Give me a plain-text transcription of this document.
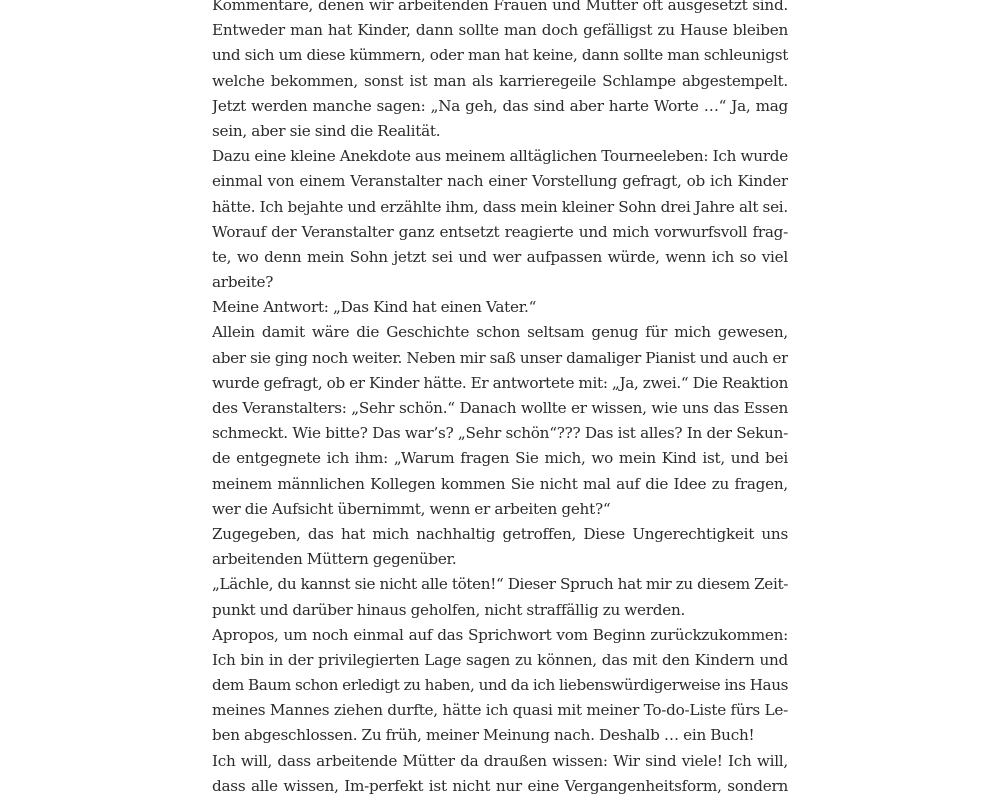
Kommentare, denen wir arbeitenden Frauen und Mütter oft ausgesetzt sind.
Entweder man hat Kinder, dann sollte man doch gefälligst zu Hause bleiben
und sich um diese kümmern, oder man hat keine, dann sollte man schleunigst
welche bekommen, sonst ist man als karrieregeile Schlampe abgestempelt.
Jetzt werden manche sagen: „Na geh, das sind aber harte Worte …“ Ja, mag
sein, aber sie sind die Realität.
Dazu eine kleine Anekdote aus meinem alltäglichen Tourneeleben: Ich wurde
einmal von einem Veranstalter nach einer Vorstellung gefragt, ob ich Kinder
hätte. Ich bejahte und erzählte ihm, dass mein kleiner Sohn drei Jahre alt sei.
Worauf der Veranstalter ganz entsetzt reagierte und mich vorwurfsvoll frag-
te, wo denn mein Sohn jetzt sei und wer aufpassen würde, wenn ich so viel
arbeite?
Meine Antwort: „Das Kind hat einen Vater.“
Allein damit wäre die Geschichte schon seltsam genug für mich gewesen,
aber sie ging noch weiter. Neben mir saß unser damaliger Pianist und auch er
wurde gefragt, ob er Kinder hätte. Er antwortete mit: „Ja, zwei.“ Die Reaktion
des Veranstalters: „Sehr schön.“ Danach wollte er wissen, wie uns das Essen
schmeckt. Wie bitte? Das war’s? „Sehr schön“??? Das ist alles? In der Sekun-
de entgegnete ich ihm: „Warum fragen Sie mich, wo mein Kind ist, und bei
meinem männlichen Kollegen kommen Sie nicht mal auf die Idee zu fragen,
wer die Aufsicht übernimmt, wenn er arbeiten geht?“
Zugegeben, das hat mich nachhaltig getroffen, Diese Ungerechtigkeit uns
arbeitenden Müttern gegenüber.
„Lächle, du kannst sie nicht alle töten!“ Dieser Spruch hat mir zu diesem Zeit-
punkt und darüber hinaus geholfen, nicht straffällig zu werden.
Apropos, um noch einmal auf das Sprichwort vom Beginn zurückzukommen:
Ich bin in der privilegierten Lage sagen zu können, das mit den Kindern und
dem Baum schon erledigt zu haben, und da ich liebenswürdigerweise ins Haus
meines Mannes ziehen durfte, hätte ich quasi mit meiner To-do-Liste fürs Le-
ben abgeschlossen. Zu früh, meiner Meinung nach. Deshalb … ein Buch!
Ich will, dass arbeitende Mütter da draußen wissen: Wir sind viele! Ich will,
dass alle wissen, Im-perfekt ist nicht nur eine Vergangenheitsform, sondern
